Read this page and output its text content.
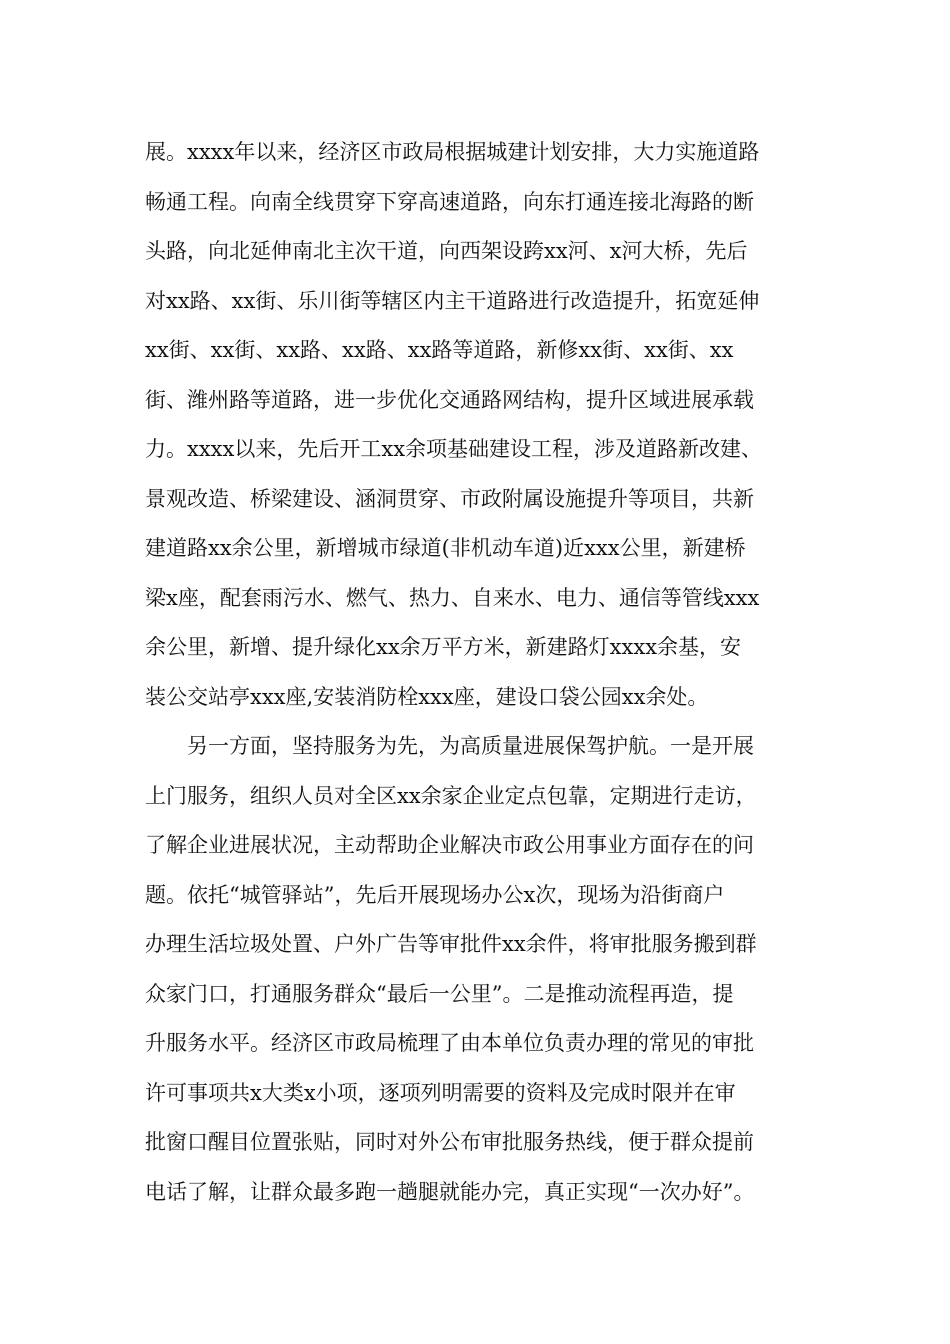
展。xxxx年以来，经济区市政局根据城建计划安排，大力实施道路
畅通工程。向南全线贯穿下穿高速道路，向东打通连接北海路的断
头路，向北延伸南北主次干道，向西架设跨xx河、x河大桥，先后
对xx路、xx街、乐川街等辖区内主干道路进行改造提升，拓宽延伸
xx街、xx街、xx路、xx路、xx路等道路，新修xx街、xx街、xx
街、潍州路等道路，进一步优化交通路网结构，提升区域进展承载
力。xxxx以来，先后开工xx余项基础建设工程，涉及道路新改建、
景观改造、桥梁建设、涵洞贯穿、市政附属设施提升等项目，共新
建道路xx余公里，新增城市绿道(非机动车道)近xxx公里，新建桥
梁x座，配套雨污水、燃气、热力、自来水、电力、通信等管线xxx
余公里，新增、提升绿化xx余万平方米，新建路灯xxxx余基，安
装公交站亭xxx座,安装消防栓xxx座，建设口袋公园xx余处。
另一方面，坚持服务为先，为高质量进展保驾护航。一是开展
上门服务，组织人员对全区xx余家企业定点包靠，定期进行走访，
了解企业进展状况，主动帮助企业解决市政公用事业方面存在的问
题。依托“城管驿站”，先后开展现场办公x次，现场为沿街商户
办理生活垃圾处置、户外广告等审批件xx余件，将审批服务搬到群
众家门口，打通服务群众“最后一公里”。二是推动流程再造，提
升服务水平。经济区市政局梳理了由本单位负责办理的常见的审批
许可事项共x大类x小项，逐项列明需要的资料及完成时限并在审
批窗口醒目位置张贴，同时对外公布审批服务热线，便于群众提前
电话了解，让群众最多跑一趟腿就能办完，真正实现“一次办好”。
